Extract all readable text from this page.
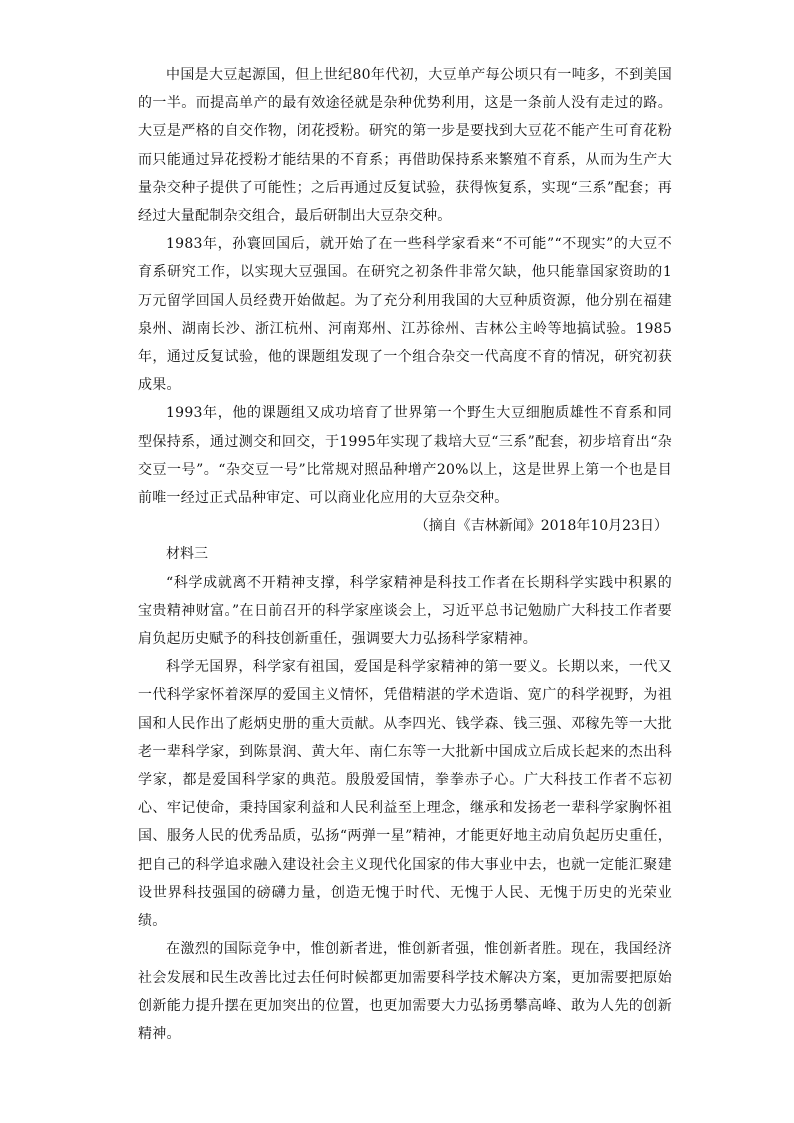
中国是大豆起源国，但上世纪80年代初，大豆单产每公顷只有一吨多，不到美国的一半。而提高单产的最有效途径就是杂种优势利用，这是一条前人没有走过的路。大豆是严格的自交作物，闭花授粉。研究的第一步是要找到大豆花不能产生可育花粉而只能通过异花授粉才能结果的不育系；再借助保持系来繁殖不育系，从而为生产大量杂交种子提供了可能性；之后再通过反复试验，获得恢复系，实现“三系”配套；再经过大量配制杂交组合，最后研制出大豆杂交种。

1983年，孙寰回国后，就开始了在一些科学家看来“不可能”“不现实”的大豆不育系研究工作，以实现大豆强国。在研究之初条件非常欠缺，他只能靠国家资助的1万元留学回国人员经费开始做起。为了充分利用我国的大豆种质资源，他分别在福建泉州、湖南长沙、浙江杭州、河南郑州、江苏徐州、吉林公主岭等地搞试验。1985年，通过反复试验，他的课题组发现了一个组合杂交一代高度不育的情况，研究初获成果。

1993年，他的课题组又成功培育了世界第一个野生大豆细胞质雄性不育系和同型保持系，通过测交和回交，于1995年实现了栽培大豆“三系”配套，初步培育出“杂交豆一号”。“杂交豆一号”比常规对照品种增产20%以上，这是世界上第一个也是目前唯一经过正式品种审定、可以商业化应用的大豆杂交种。

（摘自《吉林新闻》2018年10月23日）

材料三

“科学成就离不开精神支撑，科学家精神是科技工作者在长期科学实践中积累的宝贵精神财富。”在日前召开的科学家座谈会上，习近平总书记勉励广大科技工作者要肩负起历史赋予的科技创新重任，强调要大力弘扬科学家精神。

科学无国界，科学家有祖国，爱国是科学家精神的第一要义。长期以来，一代又一代科学家怀着深厚的爱国主义情怀，凭借精湛的学术造诣、宽广的科学视野，为祖国和人民作出了彪炳史册的重大贡献。从李四光、钱学森、钱三强、邓稼先等一大批老一辈科学家，到陈景润、黄大年、南仁东等一大批新中国成立后成长起来的杰出科学家，都是爱国科学家的典范。殷殷爱国情，拳拳赤子心。广大科技工作者不忘初心、牢记使命，秉持国家利益和人民利益至上理念，继承和发扬老一辈科学家胸怀祖国、服务人民的优秀品质，弘扬“两弹一星”精神，才能更好地主动肩负起历史重任，把自己的科学追求融入建设社会主义现代化国家的伟大事业中去，也就一定能汇聚建设世界科技强国的磅礴力量，创造无愧于时代、无愧于人民、无愧于历史的光荣业绩。

在激烈的国际竞争中，惟创新者进，惟创新者强，惟创新者胜。现在，我国经济社会发展和民生改善比过去任何时候都更加需要科学技术解决方案，更加需要把原始创新能力提升摆在更加突出的位置，也更加需要大力弘扬勇攀高峰、敢为人先的创新精神。
